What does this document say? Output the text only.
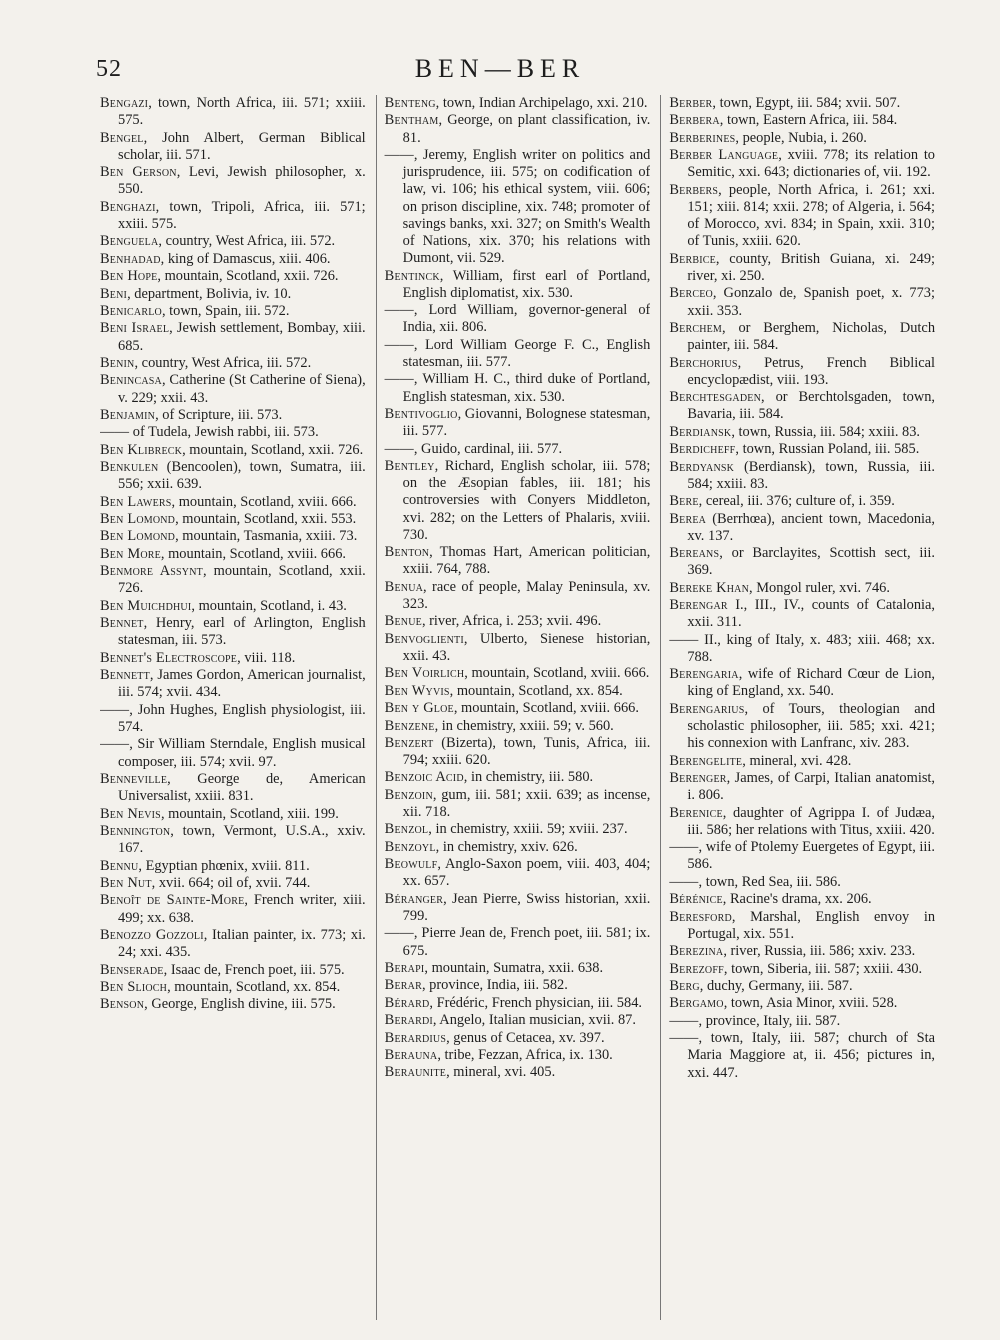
52	BEN—BER
Bengazi, town, North Africa, iii. 571; xxiii. 575.
Bengel, John Albert, German Biblical scholar, iii. 571.
Ben Gerson, Levi, Jewish philosopher, x. 550.
Benghazi, town, Tripoli, Africa, iii. 571; xxiii. 575.
Benguela, country, West Africa, iii. 572.
Benhadad, king of Damascus, xiii. 406.
Ben Hope, mountain, Scotland, xxii. 726.
Beni, department, Bolivia, iv. 10.
Benicarlo, town, Spain, iii. 572.
Beni Israel, Jewish settlement, Bombay, xiii. 685.
Benin, country, West Africa, iii. 572.
Benincasa, Catherine (St Catherine of Siena), v. 229; xxii. 43.
Benjamin, of Scripture, iii. 573.
—— of Tudela, Jewish rabbi, iii. 573.
Ben Klibreck, mountain, Scotland, xxii. 726.
Benkulen (Bencoolen), town, Sumatra, iii. 556; xxii. 639.
Ben Lawers, mountain, Scotland, xviii. 666.
Ben Lomond, mountain, Scotland, xxii. 553.
Ben Lomond, mountain, Tasmania, xxiii. 73.
Ben More, mountain, Scotland, xviii. 666.
Benmore Assynt, mountain, Scotland, xxii. 726.
Ben Muichdhui, mountain, Scotland, i. 43.
Bennet, Henry, earl of Arlington, English statesman, iii. 573.
Bennet's Electroscope, viii. 118.
Bennett, James Gordon, American journalist, iii. 574; xvii. 434.
——, John Hughes, English physiologist, iii. 574.
——, Sir William Sterndale, English musical composer, iii. 574; xvii. 97.
Benneville, George de, American Universalist, xxiii. 831.
Ben Nevis, mountain, Scotland, xiii. 199.
Bennington, town, Vermont, U.S.A., xxiv. 167.
Bennu, Egyptian phœnix, xviii. 811.
Ben Nut, xvii. 664; oil of, xvii. 744.
Benoît de Sainte-More, French writer, xiii. 499; xx. 638.
Benozzo Gozzoli, Italian painter, ix. 773; xi. 24; xxi. 435.
Benserade, Isaac de, French poet, iii. 575.
Ben Slioch, mountain, Scotland, xx. 854.
Benson, George, English divine, iii. 575.
Benteng, town, Indian Archipelago, xxi. 210.
Bentham, George, on plant classification, iv. 81.
——, Jeremy, English writer on politics and jurisprudence, iii. 575; on codification of law, vi. 106; his ethical system, viii. 606; on prison discipline, xix. 748; promoter of savings banks, xxi. 327; on Smith's Wealth of Nations, xix. 370; his relations with Dumont, vii. 529.
Bentinck, William, first earl of Portland, English diplomatist, xix. 530.
——, Lord William, governor-general of India, xii. 806.
——, Lord William George F. C., English statesman, iii. 577.
——, William H. C., third duke of Portland, English statesman, xix. 530.
Bentivoglio, Giovanni, Bolognese statesman, iii. 577.
——, Guido, cardinal, iii. 577.
Bentley, Richard, English scholar, iii. 578; on the Æsopian fables, iii. 181; his controversies with Conyers Middleton, xvi. 282; on the Letters of Phalaris, xviii. 730.
Benton, Thomas Hart, American politician, xxiii. 764, 788.
Benua, race of people, Malay Peninsula, xv. 323.
Benue, river, Africa, i. 253; xvii. 496.
Benvoglienti, Ulberto, Sienese historian, xxii. 43.
Ben Voirlich, mountain, Scotland, xviii. 666.
Ben Wyvis, mountain, Scotland, xx. 854.
Ben y Gloe, mountain, Scotland, xviii. 666.
Benzene, in chemistry, xxiii. 59; v. 560.
Benzert (Bizerta), town, Tunis, Africa, iii. 794; xxiii. 620.
Benzoic Acid, in chemistry, iii. 580.
Benzoin, gum, iii. 581; xxii. 639; as incense, xii. 718.
Benzol, in chemistry, xxiii. 59; xviii. 237.
Benzoyl, in chemistry, xxiv. 626.
Beowulf, Anglo-Saxon poem, viii. 403, 404; xx. 657.
Béranger, Jean Pierre, Swiss historian, xxii. 799.
——, Pierre Jean de, French poet, iii. 581; ix. 675.
Berapi, mountain, Sumatra, xxii. 638.
Berar, province, India, iii. 582.
Bérard, Frédéric, French physician, iii. 584.
Berardi, Angelo, Italian musician, xvii. 87.
Berardius, genus of Cetacea, xv. 397.
Berauna, tribe, Fezzan, Africa, ix. 130.
Beraunite, mineral, xvi. 405.
Berber, town, Egypt, iii. 584; xvii. 507.
Berbera, town, Eastern Africa, iii. 584.
Berberines, people, Nubia, i. 260.
Berber Language, xviii. 778; its relation to Semitic, xxi. 643; dictionaries of, vii. 192.
Berbers, people, North Africa, i. 261; xxi. 151; xiii. 814; xxii. 278; of Algeria, i. 564; of Morocco, xvi. 834; in Spain, xxii. 310; of Tunis, xxiii. 620.
Berbice, county, British Guiana, xi. 249; river, xi. 250.
Berceo, Gonzalo de, Spanish poet, x. 773; xxii. 353.
Berchem, or Berghem, Nicholas, Dutch painter, iii. 584.
Berchorius, Petrus, French Biblical encyclopædist, viii. 193.
Berchtesgaden, or Berchtolsgaden, town, Bavaria, iii. 584.
Berdiansk, town, Russia, iii. 584; xxiii. 83.
Berdicheff, town, Russian Poland, iii. 585.
Berdyansk (Berdiansk), town, Russia, iii. 584; xxiii. 83.
Bere, cereal, iii. 376; culture of, i. 359.
Berea (Berrhœa), ancient town, Macedonia, xv. 137.
Bereans, or Barclayites, Scottish sect, iii. 369.
Bereke Khan, Mongol ruler, xvi. 746.
Berengar I., III., IV., counts of Catalonia, xxii. 311.
—— II., king of Italy, x. 483; xiii. 468; xx. 788.
Berengaria, wife of Richard Cœur de Lion, king of England, xx. 540.
Berengarius, of Tours, theologian and scholastic philosopher, iii. 585; xxi. 421; his connexion with Lanfranc, xiv. 283.
Berengelite, mineral, xvi. 428.
Berenger, James, of Carpi, Italian anatomist, i. 806.
Berenice, daughter of Agrippa I. of Judæa, iii. 586; her relations with Titus, xxiii. 420.
——, wife of Ptolemy Euergetes of Egypt, iii. 586.
——, town, Red Sea, iii. 586.
Bérénice, Racine's drama, xx. 206.
Beresford, Marshal, English envoy in Portugal, xix. 551.
Berezina, river, Russia, iii. 586; xxiv. 233.
Berezoff, town, Siberia, iii. 587; xxiii. 430.
Berg, duchy, Germany, iii. 587.
Bergamo, town, Asia Minor, xviii. 528.
——, province, Italy, iii. 587.
——, town, Italy, iii. 587; church of Sta Maria Maggiore at, ii. 456; pictures in, xxi. 447.
